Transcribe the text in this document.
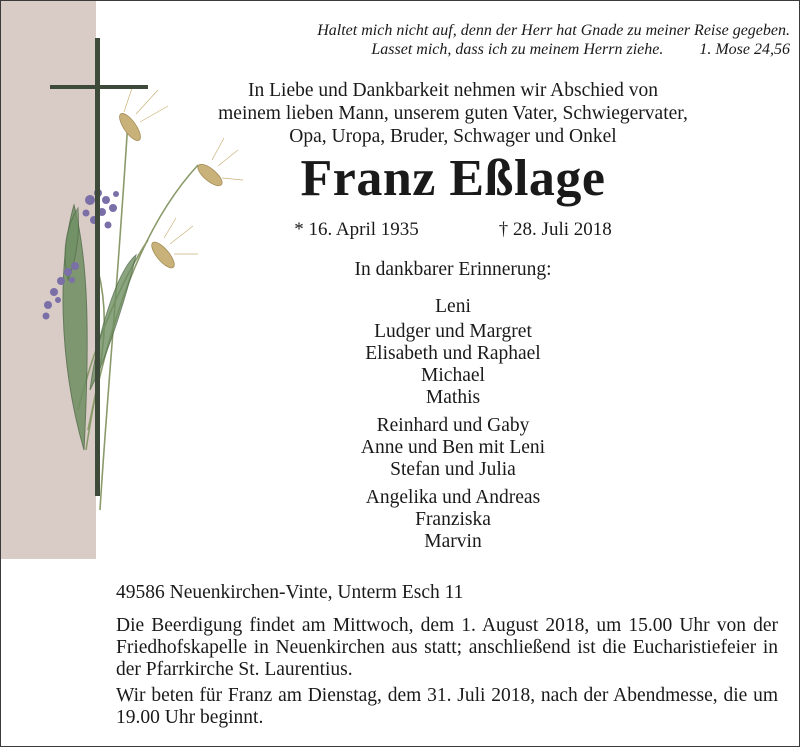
Haltet mich nicht auf, denn der Herr hat Gnade zu meiner Reise gegeben.
Lasset mich, dass ich zu meinem Herrn ziehe. 1. Mose 24,56
In Liebe und Dankbarkeit nehmen wir Abschied von
meinem lieben Mann, unserem guten Vater, Schwiegervater,
Opa, Uropa, Bruder, Schwager und Onkel
Franz Eßlage
* 16. April 1935	† 28. Juli 2018
In dankbarer Erinnerung:
Leni
Ludger und Margret
Elisabeth und Raphael
Michael
Mathis
Reinhard und Gaby
Anne und Ben mit Leni
Stefan und Julia
Angelika und Andreas
Franziska
Marvin
49586 Neuenkirchen-Vinte, Unterm Esch 11
Die Beerdigung findet am Mittwoch, dem 1. August 2018, um 15.00 Uhr von der Friedhofskapelle in Neuenkirchen aus statt; anschließend ist die Eucharistiefeier in der Pfarrkirche St. Laurentius.
Wir beten für Franz am Dienstag, dem 31. Juli 2018, nach der Abendmesse, die um 19.00 Uhr beginnt.
